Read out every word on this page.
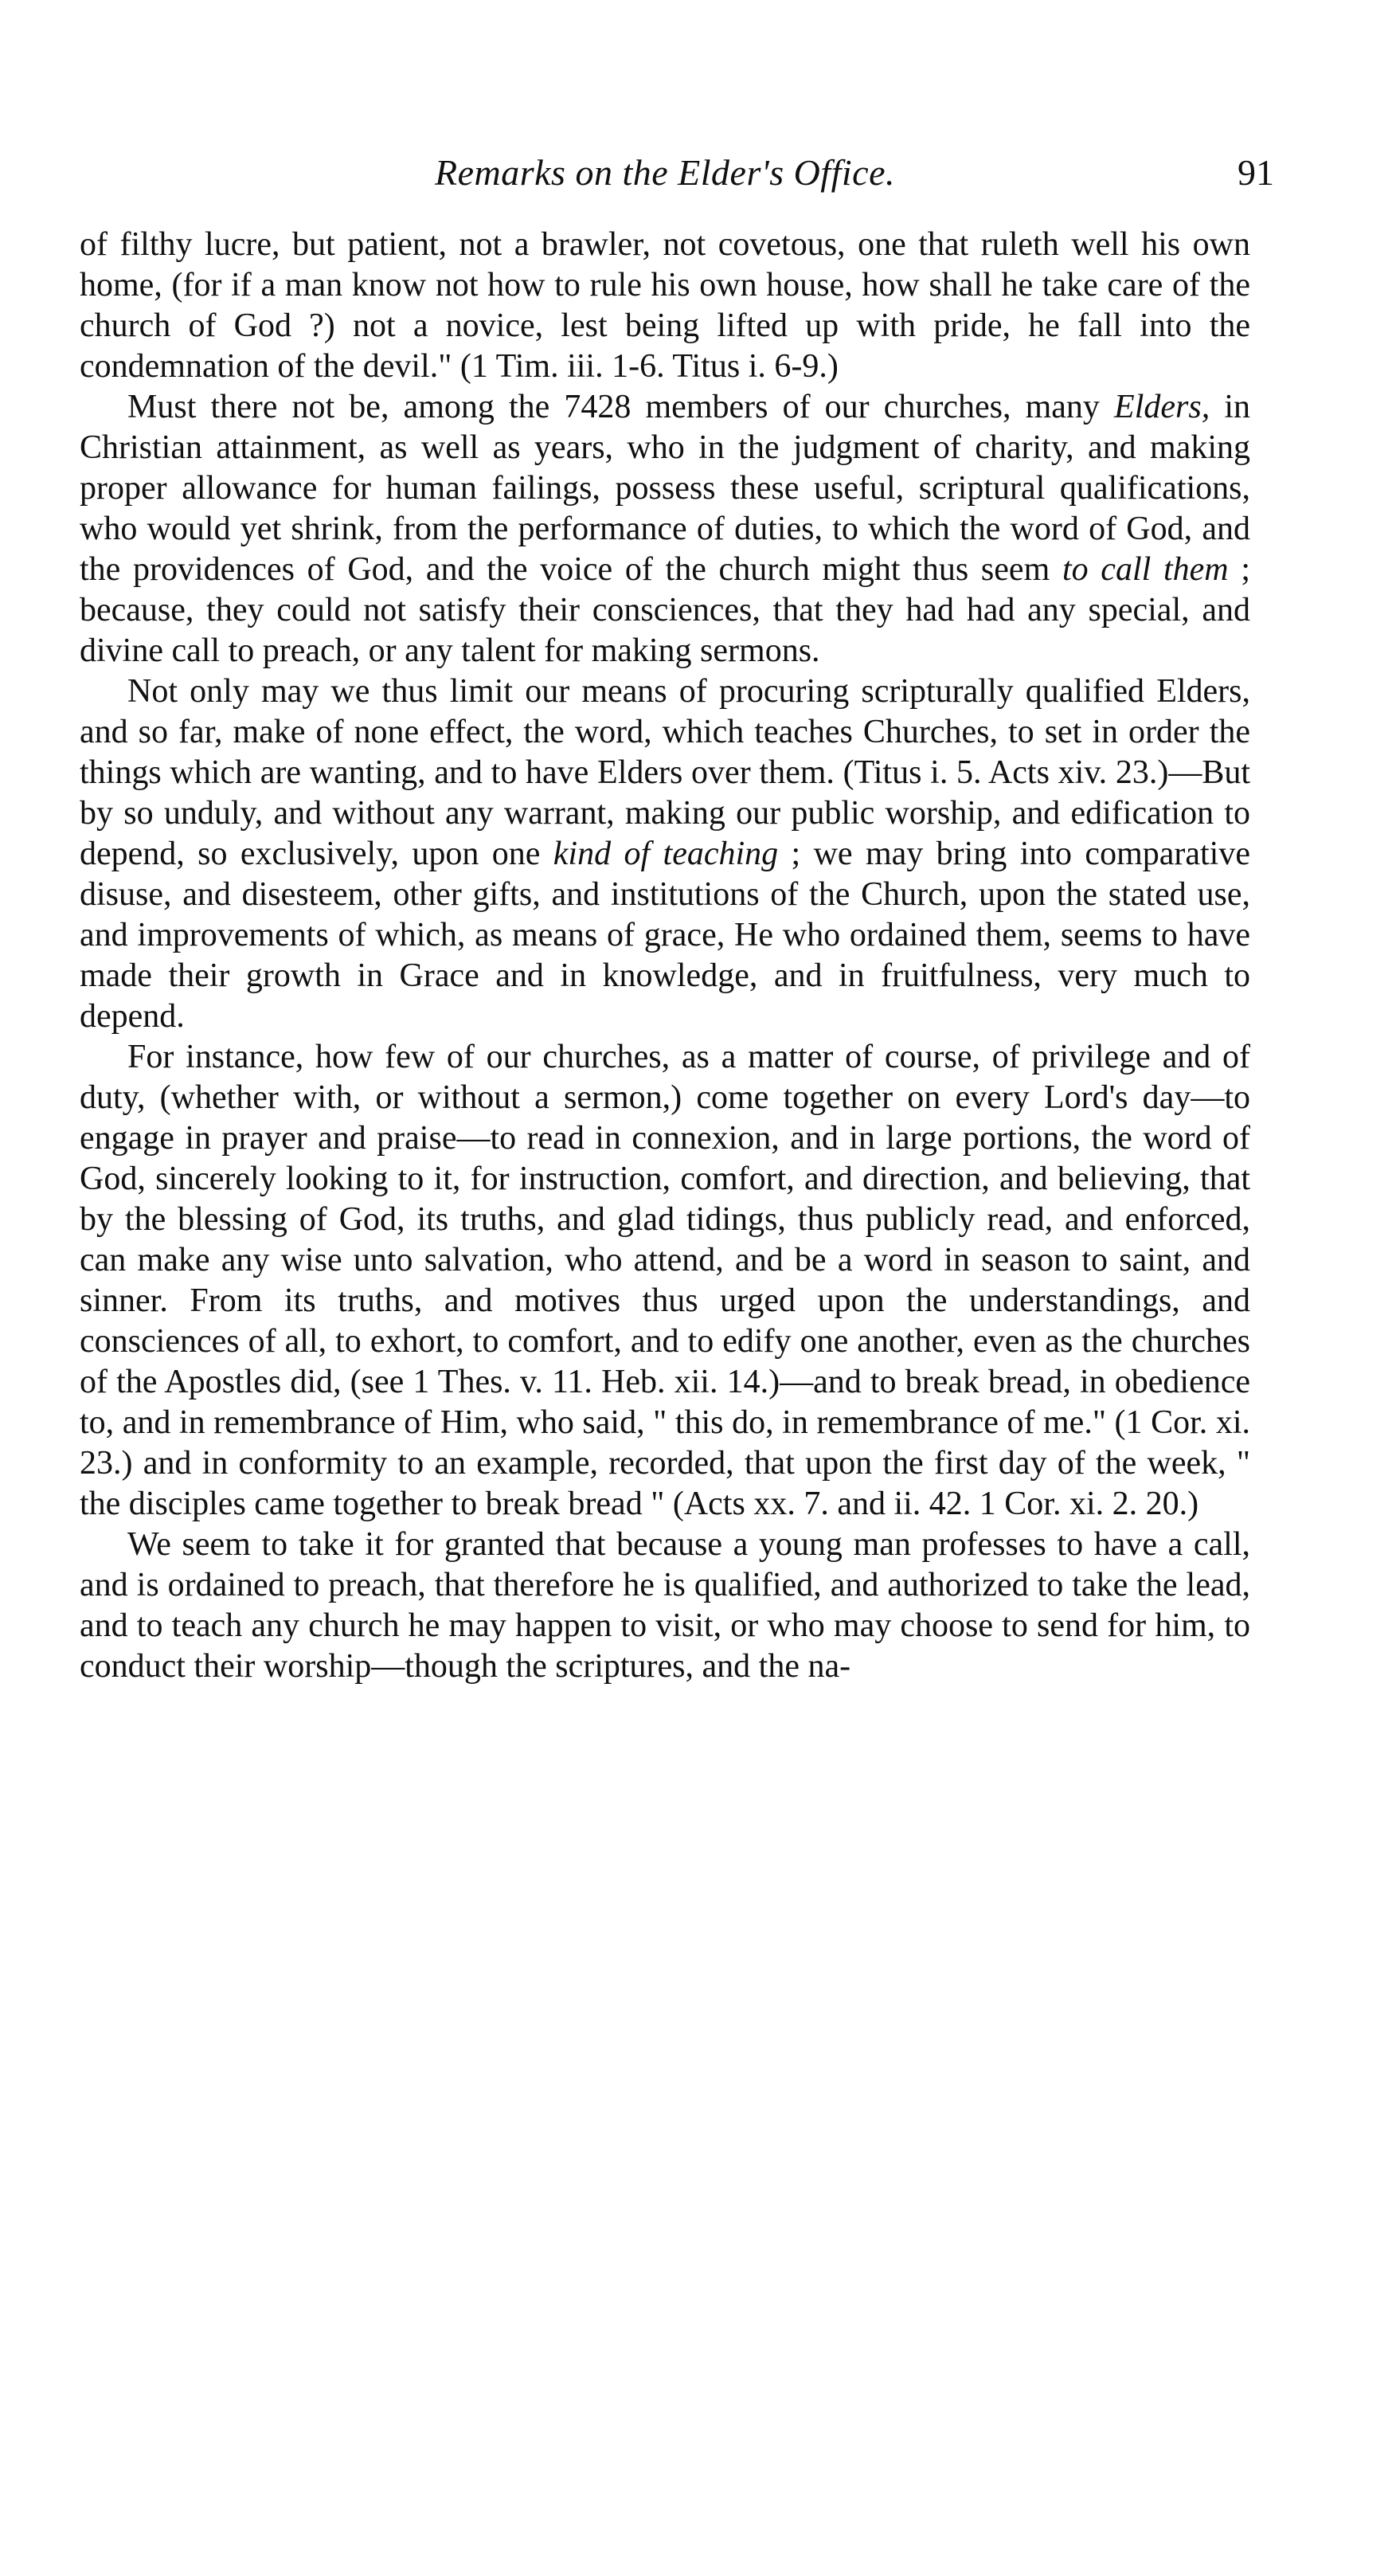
Remarks on the Elder's Office.	91

of filthy lucre, but patient, not a brawler, not covetous, one that ruleth well his own home, (for if a man know not how to rule his own house, how shall he take care of the church of God ?) not a novice, lest being lifted up with pride, he fall into the condemnation of the devil." (1 Tim. iii. 1-6. Titus i. 6-9.)

Must there not be, among the 7428 members of our churches, many Elders, in Christian attainment, as well as years, who in the judgment of charity, and making proper allowance for human failings, possess these useful, scriptural qualifications, who would yet shrink, from the performance of duties, to which the word of God, and the providences of God, and the voice of the church might thus seem to call them ; because, they could not satisfy their consciences, that they had had any special, and divine call to preach, or any talent for making sermons.

Not only may we thus limit our means of procuring scripturally qualified Elders, and so far, make of none effect, the word, which teaches Churches, to set in order the things which are wanting, and to have Elders over them. (Titus i. 5. Acts xiv. 23.)—But by so unduly, and without any warrant, making our public worship, and edification to depend, so exclusively, upon one kind of teaching ; we may bring into comparative disuse, and disesteem, other gifts, and institutions of the Church, upon the stated use, and improvements of which, as means of grace, He who ordained them, seems to have made their growth in Grace and in knowledge, and in fruitfulness, very much to depend.

For instance, how few of our churches, as a matter of course, of privilege and of duty, (whether with, or without a sermon,) come together on every Lord's day—to engage in prayer and praise—to read in connexion, and in large portions, the word of God, sincerely looking to it, for instruction, comfort, and direction, and believing, that by the blessing of God, its truths, and glad tidings, thus publicly read, and enforced, can make any wise unto salvation, who attend, and be a word in season to saint, and sinner. From its truths, and motives thus urged upon the understandings, and consciences of all, to exhort, to comfort, and to edify one another, even as the churches of the Apostles did, (see 1 Thes. v. 11. Heb. xii. 14.)—and to break bread, in obedience to, and in remembrance of Him, who said, " this do, in remembrance of me." (1 Cor. xi. 23.) and in conformity to an example, recorded, that upon the first day of the week, " the disciples came together to break bread " (Acts xx. 7. and ii. 42. 1 Cor. xi. 2. 20.)

We seem to take it for granted that because a young man professes to have a call, and is ordained to preach, that therefore he is qualified, and authorized to take the lead, and to teach any church he may happen to visit, or who may choose to send for him, to conduct their worship—though the scriptures, and the na-
